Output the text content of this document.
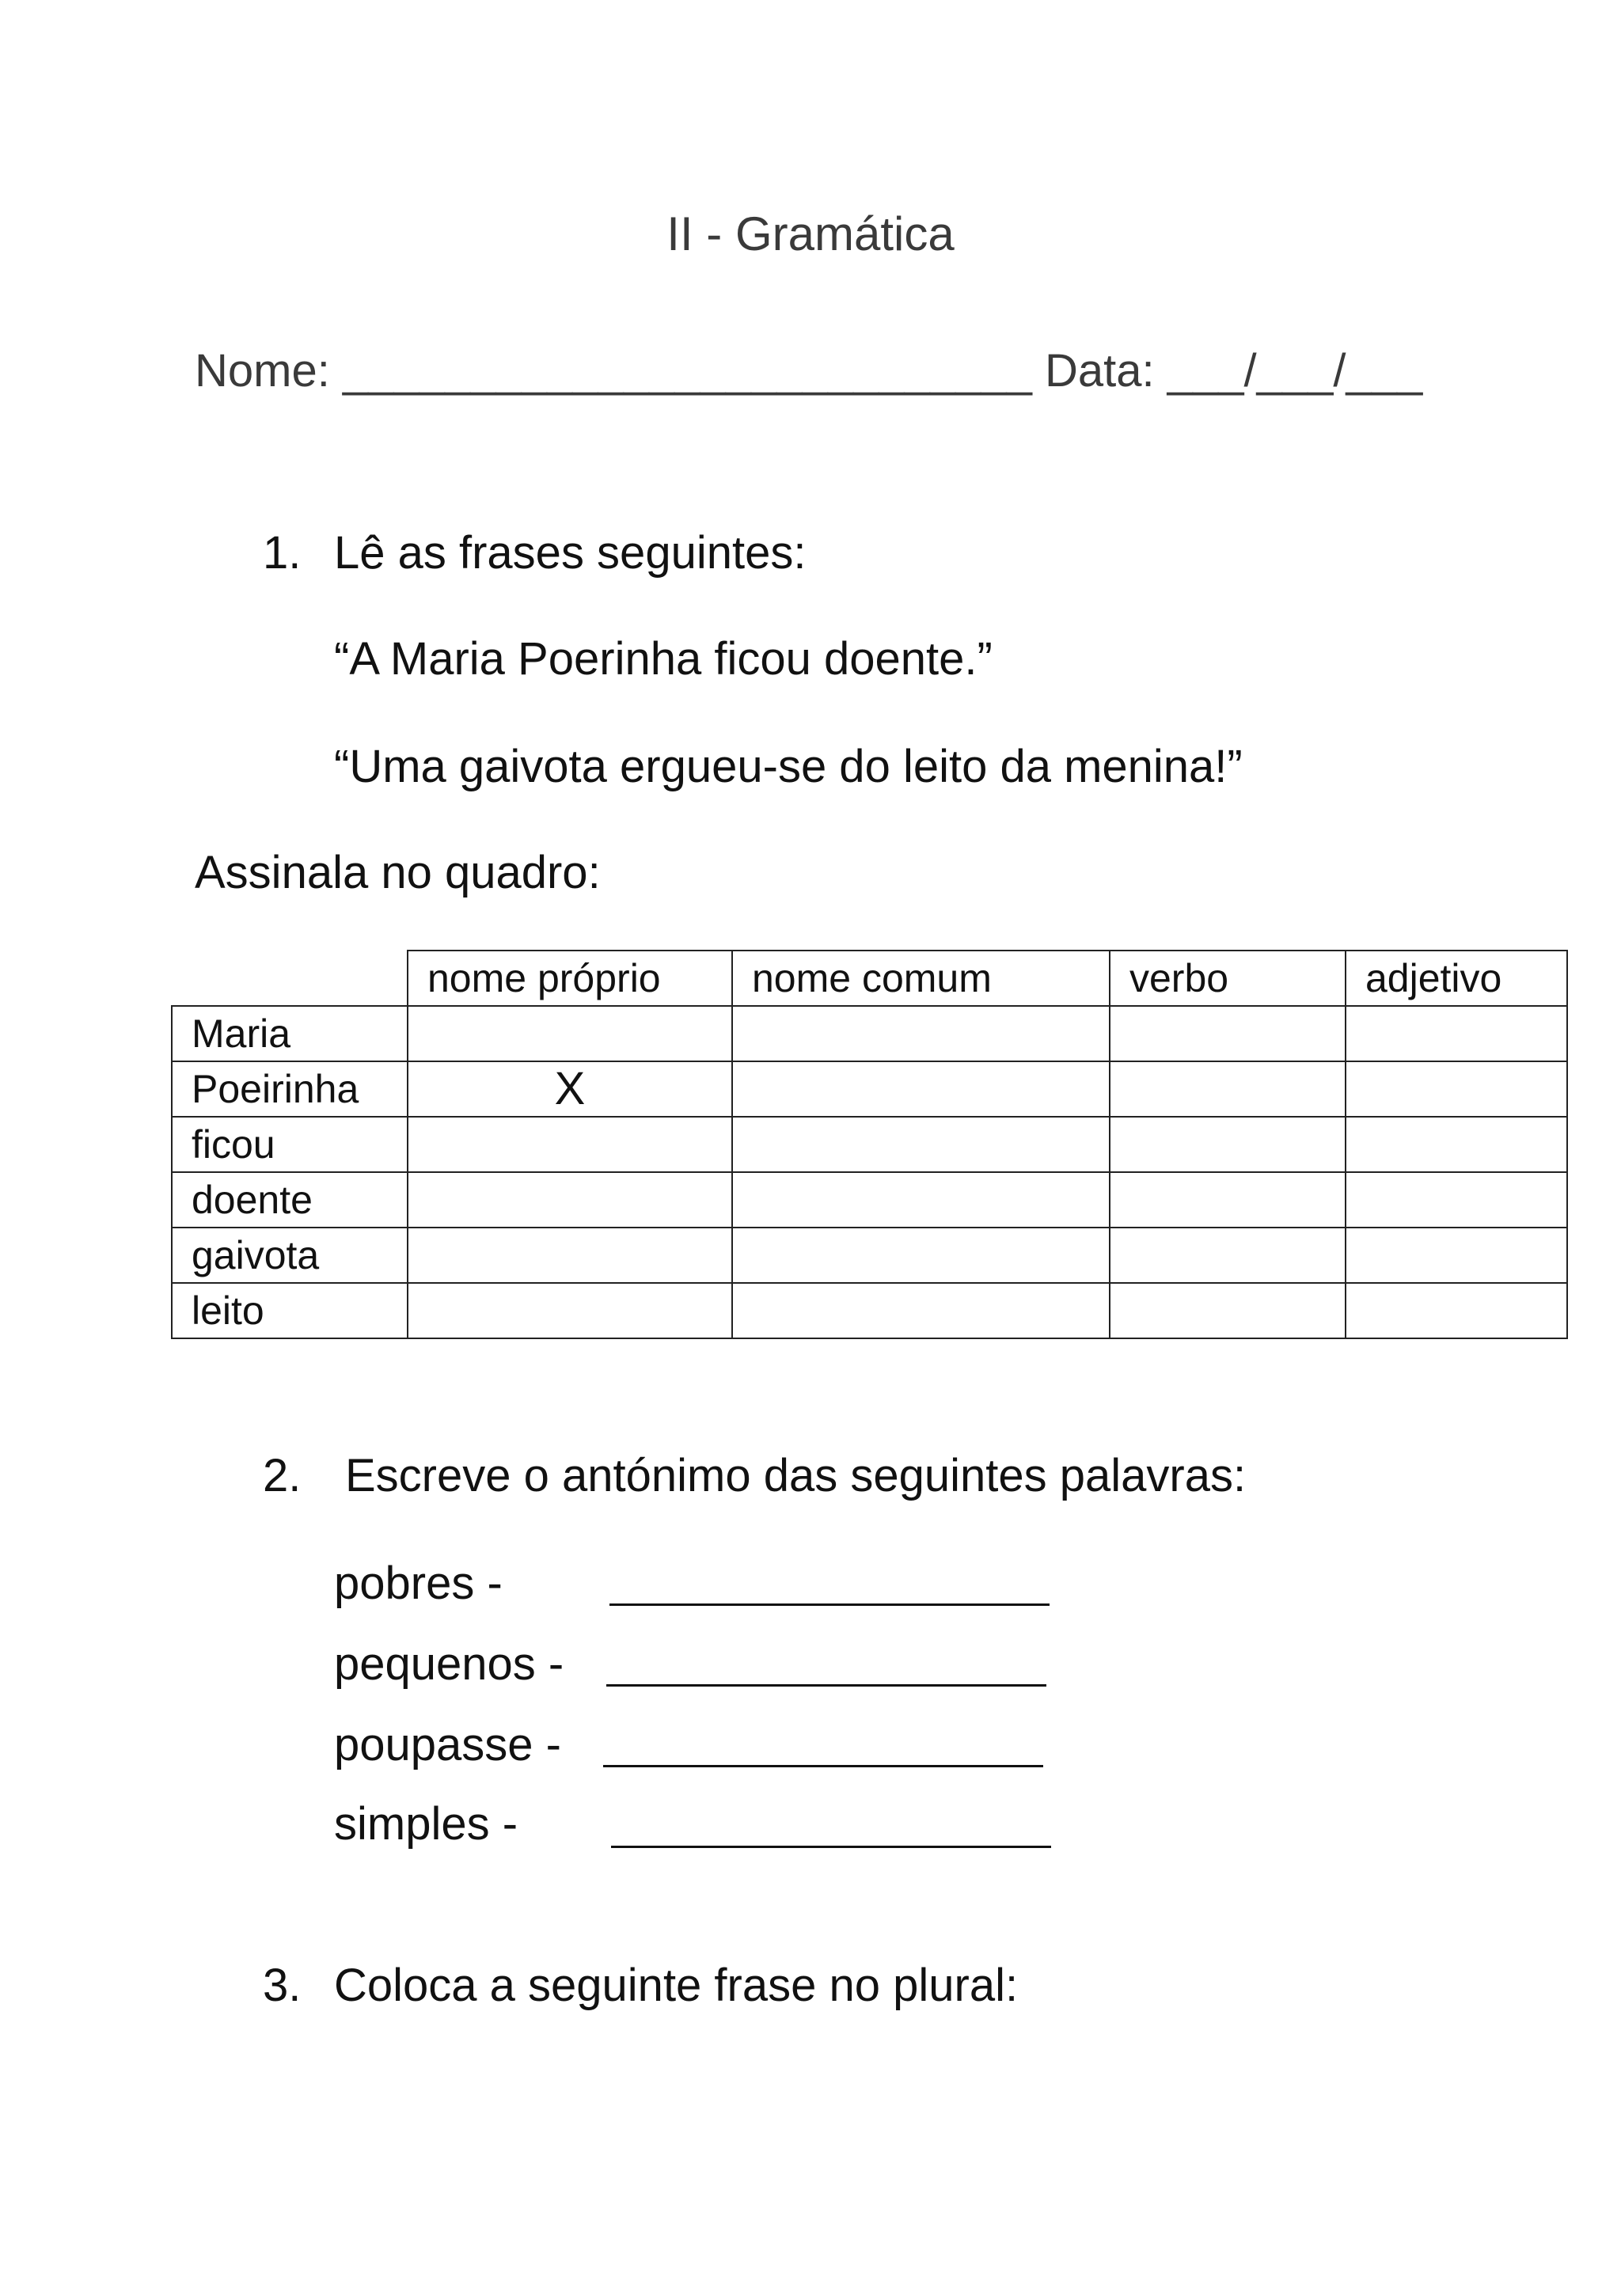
II - Gramática
Nome: ___________________________ Data: ___/___/___
1. Lê as frases seguintes:
“A Maria Poerinha ficou doente.”
“Uma gaivota ergueu-se do leito da menina!”
Assinala no quadro:
	nome próprio	nome comum	verbo	adjetivo
Maria				
Poeirinha	X			
ficou				
doente				
gaivota				
leito				
2. Escreve o antónimo das seguintes palavras:
pobres -
pequenos -
poupasse -
simples -
3. Coloca a seguinte frase no plural:
